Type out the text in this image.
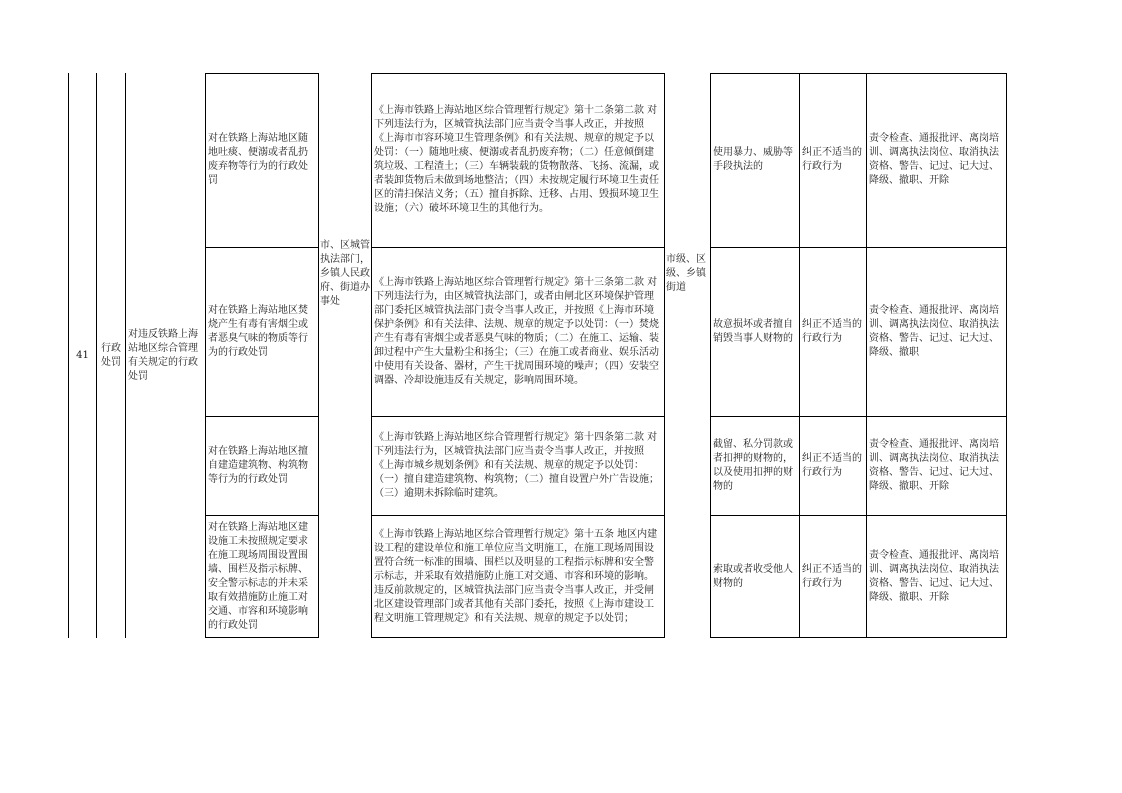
41
行政处罚
对违反铁路上海站地区综合管理有关规定的行政处罚
市、区城管执法部门，乡镇人民政府、街道办事处
市级、区级、乡镇街道
对在铁路上海站地区随地吐痰、便溺或者乱扔废弃物等行为的行政处罚
《上海市铁路上海站地区综合管理暂行规定》第十二条第二款 对下列违法行为，区城管执法部门应当责令当事人改正，并按照《上海市市容环境卫生管理条例》和有关法规、规章的规定予以处罚：（一）随地吐痰、便溺或者乱扔废弃物；（二）任意倾倒建筑垃圾、工程渣土；（三）车辆装载的货物散落、飞扬、流漏，或者装卸货物后未做到场地整洁；（四）未按规定履行环境卫生责任区的清扫保洁义务；（五）擅自拆除、迁移、占用、毁损环境卫生设施；（六）破坏环境卫生的其他行为。
使用暴力、威胁等手段执法的
纠正不适当的行政行为
责令检查、通报批评、离岗培训、调离执法岗位、取消执法资格、警告、记过、记大过、降级、撤职、开除
对在铁路上海站地区焚烧产生有毒有害烟尘或者恶臭气味的物质等行为的行政处罚
《上海市铁路上海站地区综合管理暂行规定》第十三条第二款 对下列违法行为，由区城管执法部门，或者由闸北区环境保护管理部门委托区城管执法部门责令当事人改正，并按照《上海市环境保护条例》和有关法律、法规、规章的规定予以处罚：（一）焚烧产生有毒有害烟尘或者恶臭气味的物质；（二）在施工、运输、装卸过程中产生大量粉尘和扬尘；（三）在施工或者商业、娱乐活动中使用有关设备、器材，产生干扰周围环境的噪声；（四）安装空调器、冷却设施违反有关规定，影响周围环境。
故意损坏或者擅自销毁当事人财物的
纠正不适当的行政行为
责令检查、通报批评、离岗培训、调离执法岗位、取消执法资格、警告、记过、记大过、降级、撤职
对在铁路上海站地区擅自建造建筑物、构筑物等行为的行政处罚
《上海市铁路上海站地区综合管理暂行规定》第十四条第二款 对下列违法行为，区城管执法部门应当责令当事人改正，并按照《上海市城乡规划条例》和有关法规、规章的规定予以处罚：（一）擅自建造建筑物、构筑物；（二）擅自设置户外广告设施；（三）逾期未拆除临时建筑。
截留、私分罚款或者扣押的财物的，以及使用扣押的财物的
纠正不适当的行政行为
责令检查、通报批评、离岗培训、调离执法岗位、取消执法资格、警告、记过、记大过、降级、撤职、开除
对在铁路上海站地区建设施工未按照规定要求在施工现场周围设置围墙、围栏及指示标牌、安全警示标志的并未采取有效措施防止施工对交通、市容和环境影响的行政处罚
《上海市铁路上海站地区综合管理暂行规定》第十五条 地区内建设工程的建设单位和施工单位应当文明施工，在施工现场周围设置符合统一标准的围墙、围栏以及明显的工程指示标牌和安全警示标志，并采取有效措施防止施工对交通、市容和环境的影响。违反前款规定的，区城管执法部门应当责令当事人改正，并受闸北区建设管理部门或者其他有关部门委托，按照《上海市建设工程文明施工管理规定》和有关法规、规章的规定予以处罚；
索取或者收受他人财物的
纠正不适当的行政行为
责令检查、通报批评、离岗培训、调离执法岗位、取消执法资格、警告、记过、记大过、降级、撤职、开除
